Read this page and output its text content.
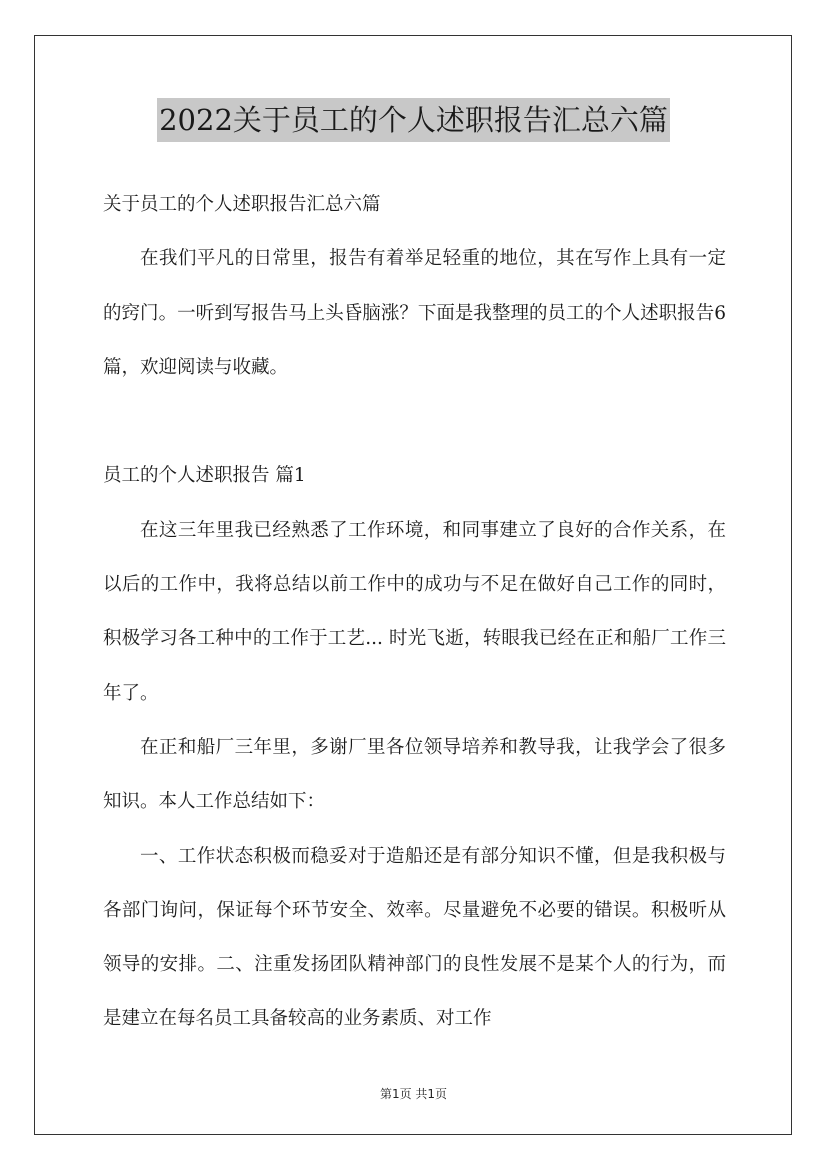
2022关于员工的个人述职报告汇总六篇

关于员工的个人述职报告汇总六篇

在我们平凡的日常里，报告有着举足轻重的地位，其在写作上具有一定的窍门。一听到写报告马上头昏脑涨？下面是我整理的员工的个人述职报告6篇，欢迎阅读与收藏。

员工的个人述职报告 篇1

在这三年里我已经熟悉了工作环境，和同事建立了良好的合作关系，在以后的工作中，我将总结以前工作中的成功与不足在做好自己工作的同时，积极学习各工种中的工作于工艺... 时光飞逝，转眼我已经在正和船厂工作三年了。

在正和船厂三年里，多谢厂里各位领导培养和教导我，让我学会了很多知识。本人工作总结如下：

一、工作状态积极而稳妥对于造船还是有部分知识不懂，但是我积极与各部门询问，保证每个环节安全、效率。尽量避免不必要的错误。积极听从领导的安排。二、注重发扬团队精神部门的良性发展不是某个人的行为，而是建立在每名员工具备较高的业务素质、对工作

第1页 共1页
